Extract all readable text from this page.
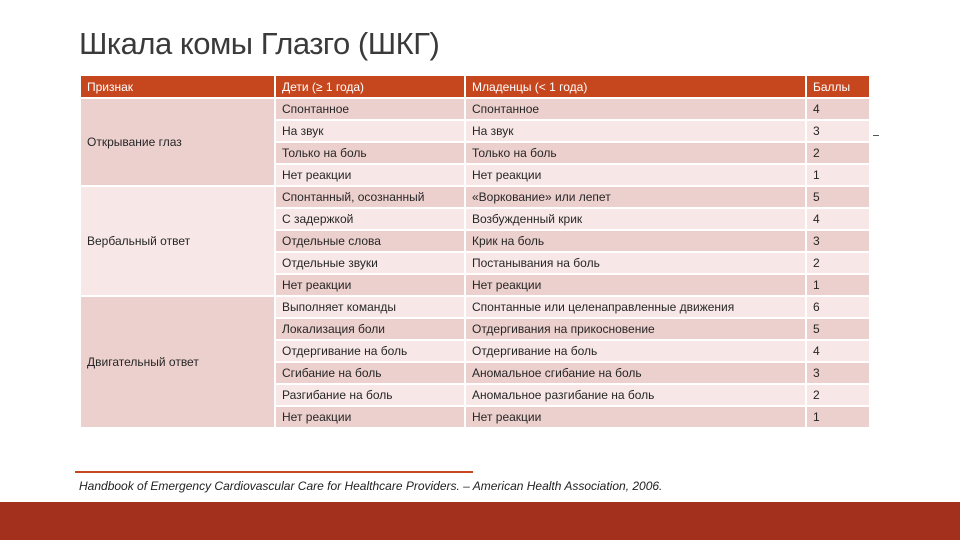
Шкала комы Глазго (ШКГ)
Признак	Дети (≥ 1 года)	Младенцы (< 1 года)	Баллы
Открывание глаз	Спонтанное	Спонтанное	4
	На звук	На звук	3
	Только на боль	Только на боль	2
	Нет реакции	Нет реакции	1
Вербальный ответ	Спонтанный, осознанный	«Воркование» или лепет	5
	С задержкой	Возбужденный крик	4
	Отдельные слова	Крик на боль	3
	Отдельные звуки	Постанывания на боль	2
	Нет реакции	Нет реакции	1
Двигательный ответ	Выполняет команды	Спонтанные или целенаправленные движения	6
	Локализация боли	Отдергивания на прикосновение	5
	Отдергивание на боль	Отдергивание на боль	4
	Сгибание на боль	Аномальное сгибание на боль	3
	Разгибание на боль	Аномальное разгибание на боль	2
	Нет реакции	Нет реакции	1
Handbook of Emergency Cardiovascular Care for Healthcare Providers. – American Health Association, 2006.
